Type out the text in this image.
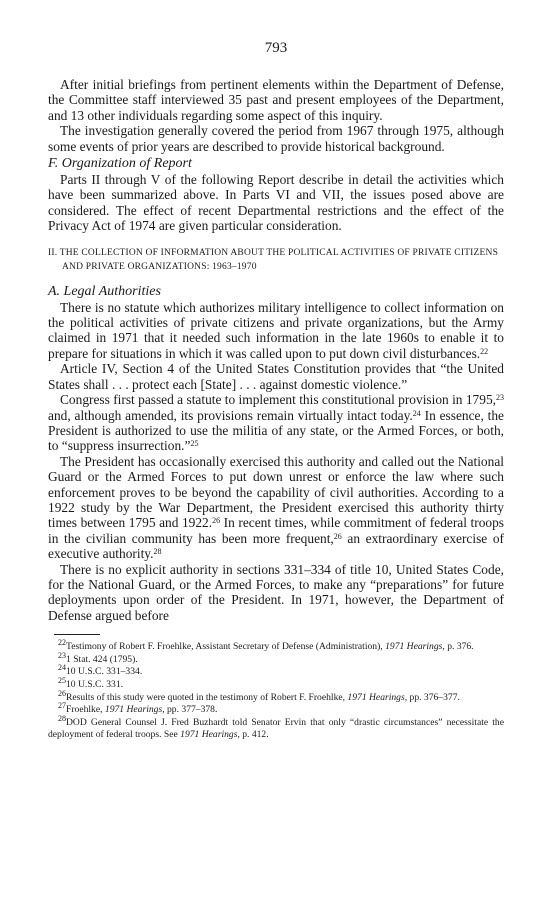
793

After initial briefings from pertinent elements within the Department of Defense, the Committee staff interviewed 35 past and present employees of the Department, and 13 other individuals regarding some aspect of this inquiry.

The investigation generally covered the period from 1967 through 1975, although some events of prior years are described to provide historical background.

F. Organization of Report

Parts II through V of the following Report describe in detail the activities which have been summarized above. In Parts VI and VII, the issues posed above are considered. The effect of recent Departmental restrictions and the effect of the Privacy Act of 1974 are given particular consideration.

II. THE COLLECTION OF INFORMATION ABOUT THE POLITICAL ACTIVITIES OF PRIVATE CITIZENS AND PRIVATE ORGANIZATIONS: 1963–1970
A. Legal Authorities

There is no statute which authorizes military intelligence to collect information on the political activities of private citizens and private organizations, but the Army claimed in 1971 that it needed such information in the late 1960s to enable it to prepare for situations in which it was called upon to put down civil disturbances.$^{22}$

Article IV, Section 4 of the United States Constitution provides that “the United States shall . . . protect each [State] . . . against domestic violence.”

Congress first passed a statute to implement this constitutional provision in 1795,23 and, although amended, its provisions remain virtually intact today.$^{24}$ In essence, the President is authorized to use the militia of any state, or the Armed Forces, or both, to “suppress insurrection.”$^{25}$

The President has occasionally exercised this authority and called out the National Guard or the Armed Forces to put down unrest or enforce the law where such enforcement proves to be beyond the capability of civil authorities. According to a 1922 study by the War Department, the President exercised this authority thirty times between 1795 and 1922.26 In recent times, while commitment of federal troops in the civilian community has been more frequent,$^{26}$ an extraordinary exercise of executive authority.$^{28}$

There is no explicit authority in sections 331–334 of title 10, United States Code, for the National Guard, or the Armed Forces, to make any “preparations” for future deployments upon order of the President. In 1971, however, the Department of Defense argued before

$^{22}$Testimony of Robert F. Froehlke, Assistant Secretary of Defense (Administration), 1971 Hearings, p. 376.

$^{23}$1 Stat. 424 (1795).

$^{24}$10 U.S.C. 331–334.

$^{25}$10 U.S.C. 331.

$^{26}$Results of this study were quoted in the testimony of Robert F. Froehlke, 1971 Hearings, pp. 376–377.

$^{27}$Froehlke, 1971 Hearings, pp. 377–378.

$^{28}$DOD General Counsel J. Fred Buzhardt told Senator Ervin that only “drastic circumstances” necessitate the deployment of federal troops. See 1971 Hearings, p. 412.
